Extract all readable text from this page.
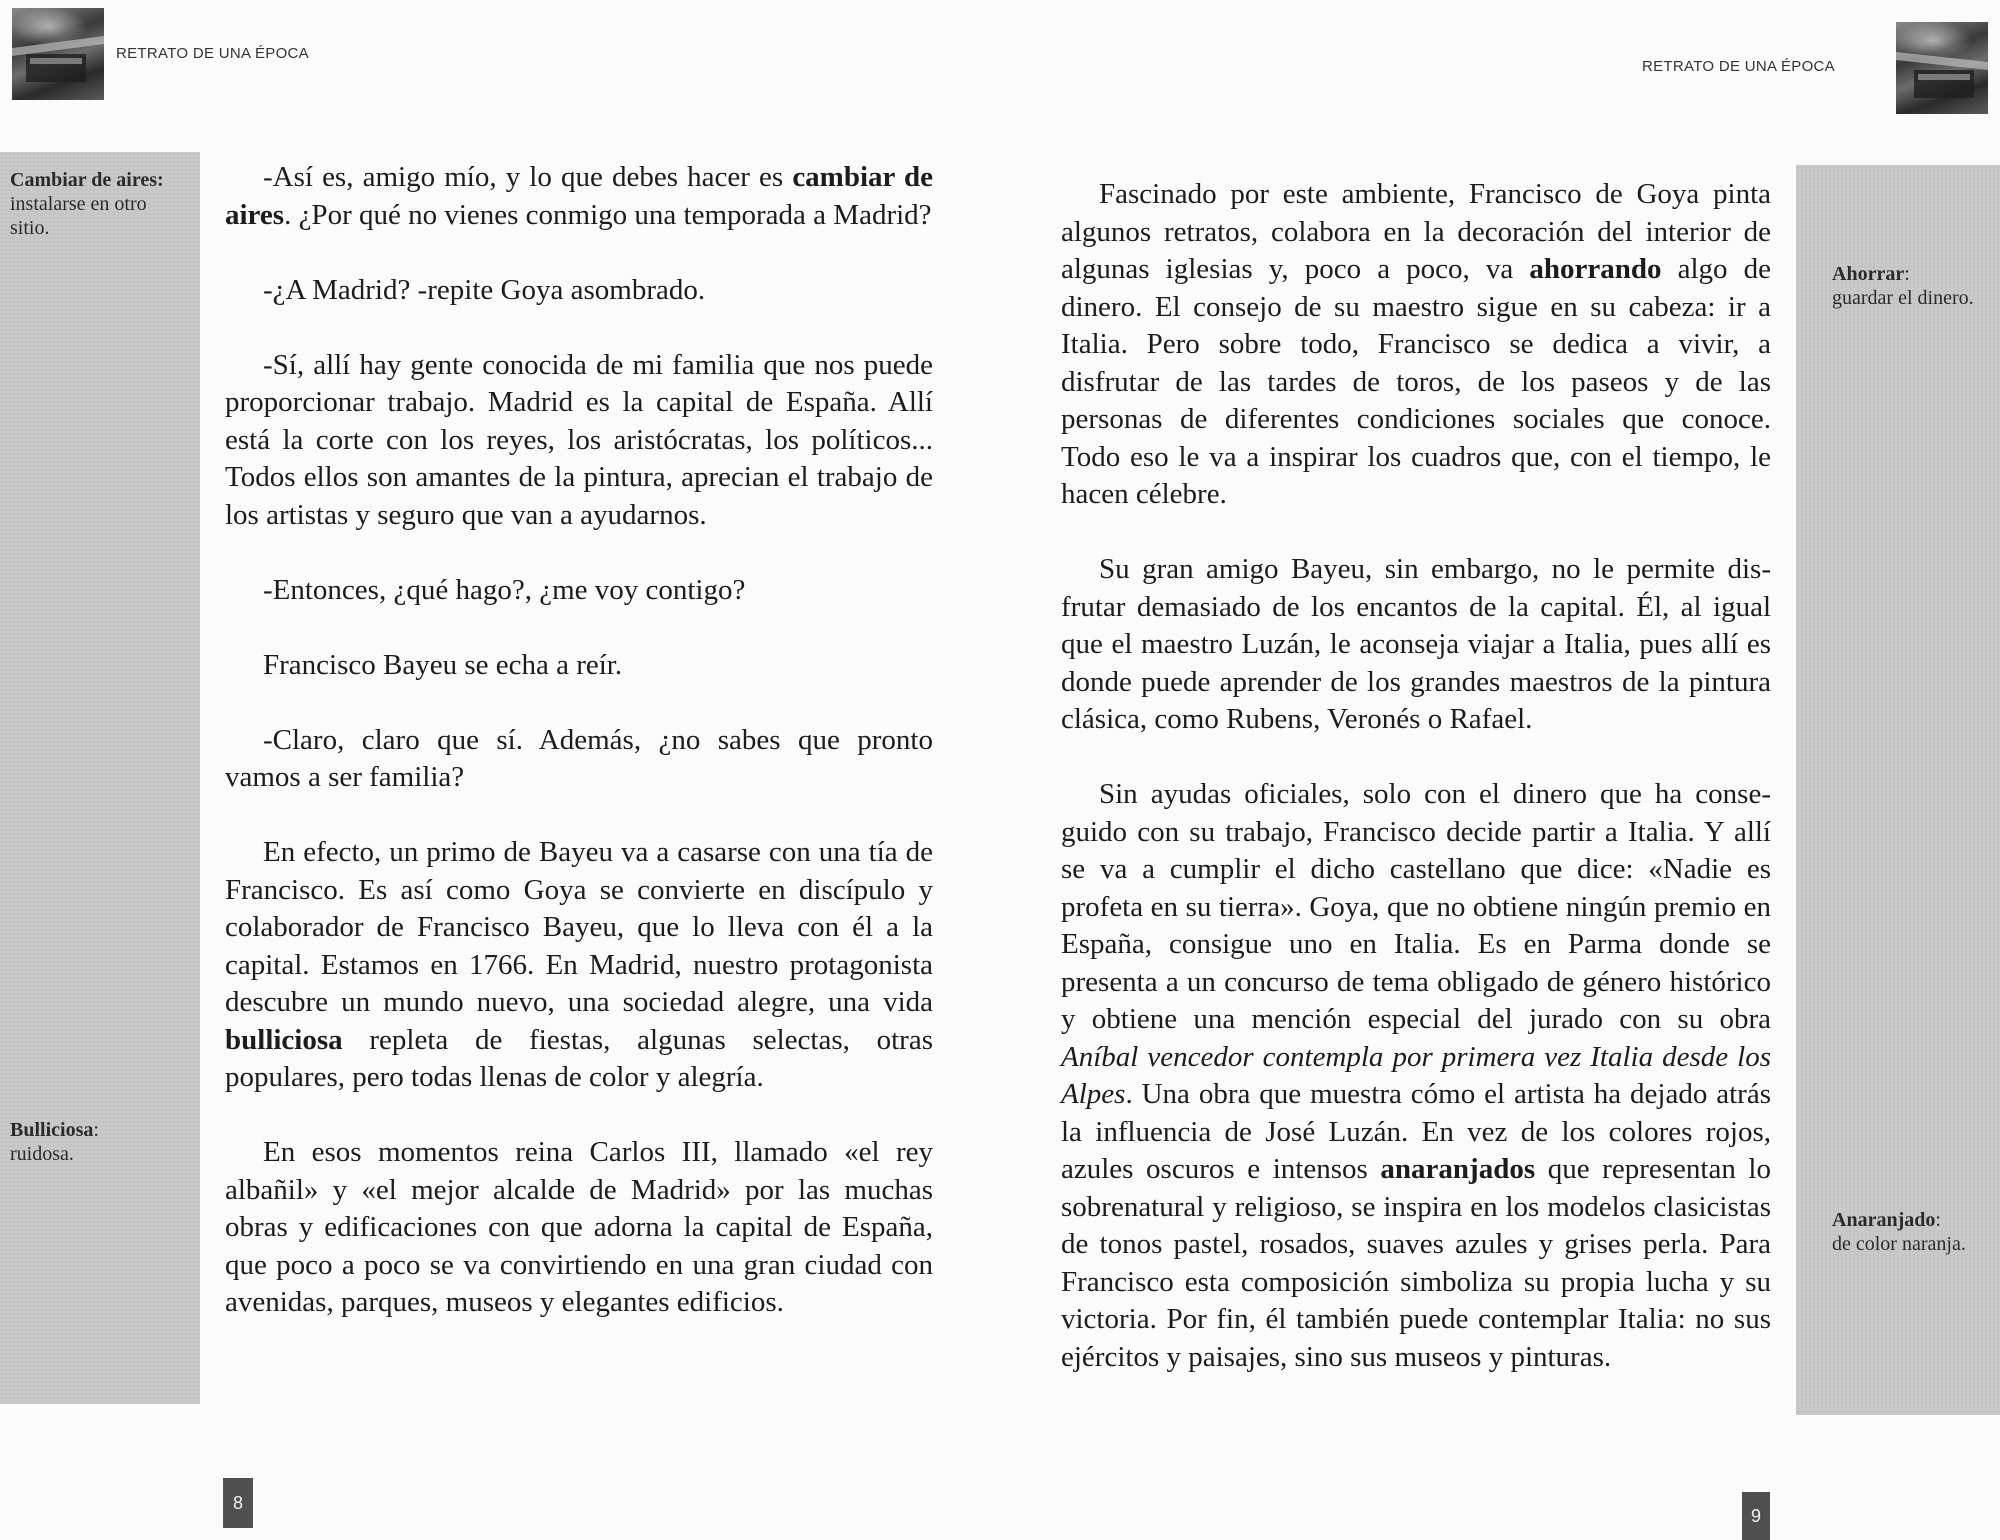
RETRATO DE UNA ÉPOCA
Cambiar de aires:
instalarse en otro sitio.
Bulliciosa:
ruidosa.

-Así es, amigo mío, y lo que debes hacer es cambiar de aires. ¿Por qué no vienes conmigo una temporada a Madrid?

-¿A Madrid? -repite Goya asombrado.

-Sí, allí hay gente conocida de mi familia que nos puede proporcionar trabajo. Madrid es la capital de España. Allí está la corte con los reyes, los aristócratas, los políticos... Todos ellos son amantes de la pintura, aprecian el trabajo de los artistas y seguro que van a ayudarnos.

-Entonces, ¿qué hago?, ¿me voy contigo?

Francisco Bayeu se echa a reír.

-Claro, claro que sí. Además, ¿no sabes que pronto vamos a ser familia?

En efecto, un primo de Bayeu va a casarse con una tía de Francisco. Es así como Goya se convierte en discípulo y colaborador de Francisco Bayeu, que lo lleva con él a la capital. Estamos en 1766. En Madrid, nuestro protagonista descubre un mundo nuevo, una sociedad alegre, una vida bulliciosa repleta de fiestas, algunas selectas, otras populares, pero todas llenas de color y alegría.

En esos momentos reina Carlos III, llamado «el rey albañil» y «el mejor alcalde de Madrid» por las muchas obras y edificaciones con que adorna la capital de España, que poco a poco se va convirtiendo en una gran ciudad con avenidas, parques, museos y elegantes edificios.

8
RETRATO DE UNA ÉPOCA
Ahorrar:
guardar el dinero.
Anaranjado:
de color naranja.

Fascinado por este ambiente, Francisco de Goya pinta algunos retratos, colabora en la decoración del interior de algunas iglesias y, poco a poco, va ahorrando algo de dinero. El consejo de su maestro sigue en su cabeza: ir a Italia. Pero sobre todo, Francisco se dedica a vivir, a disfrutar de las tardes de toros, de los paseos y de las personas de diferentes condiciones sociales que conoce. Todo eso le va a inspirar los cuadros que, con el tiempo, le hacen célebre.

Su gran amigo Bayeu, sin embargo, no le permite disfrutar demasiado de los encantos de la capital. Él, al igual que el maestro Luzán, le aconseja viajar a Italia, pues allí es donde puede aprender de los grandes maestros de la pintura clásica, como Rubens, Veronés o Rafael.

Sin ayudas oficiales, solo con el dinero que ha conseguido con su trabajo, Francisco decide partir a Italia. Y allí se va a cumplir el dicho castellano que dice: «Nadie es profeta en su tierra». Goya, que no obtiene ningún premio en España, consigue uno en Italia. Es en Parma donde se presenta a un concurso de tema obligado de género histórico y obtiene una mención especial del jurado con su obra Aníbal vencedor contempla por primera vez Italia desde los Alpes. Una obra que muestra cómo el artista ha dejado atrás la influencia de José Luzán. En vez de los colores rojos, azules oscuros e intensos anaranjados que representan lo sobrenatural y religioso, se inspira en los modelos clasicistas de tonos pastel, rosados, suaves azules y grises perla. Para Francisco esta composición simboliza su propia lucha y su victoria. Por fin, él también puede contemplar Italia: no sus ejércitos y paisajes, sino sus museos y pinturas.

9
